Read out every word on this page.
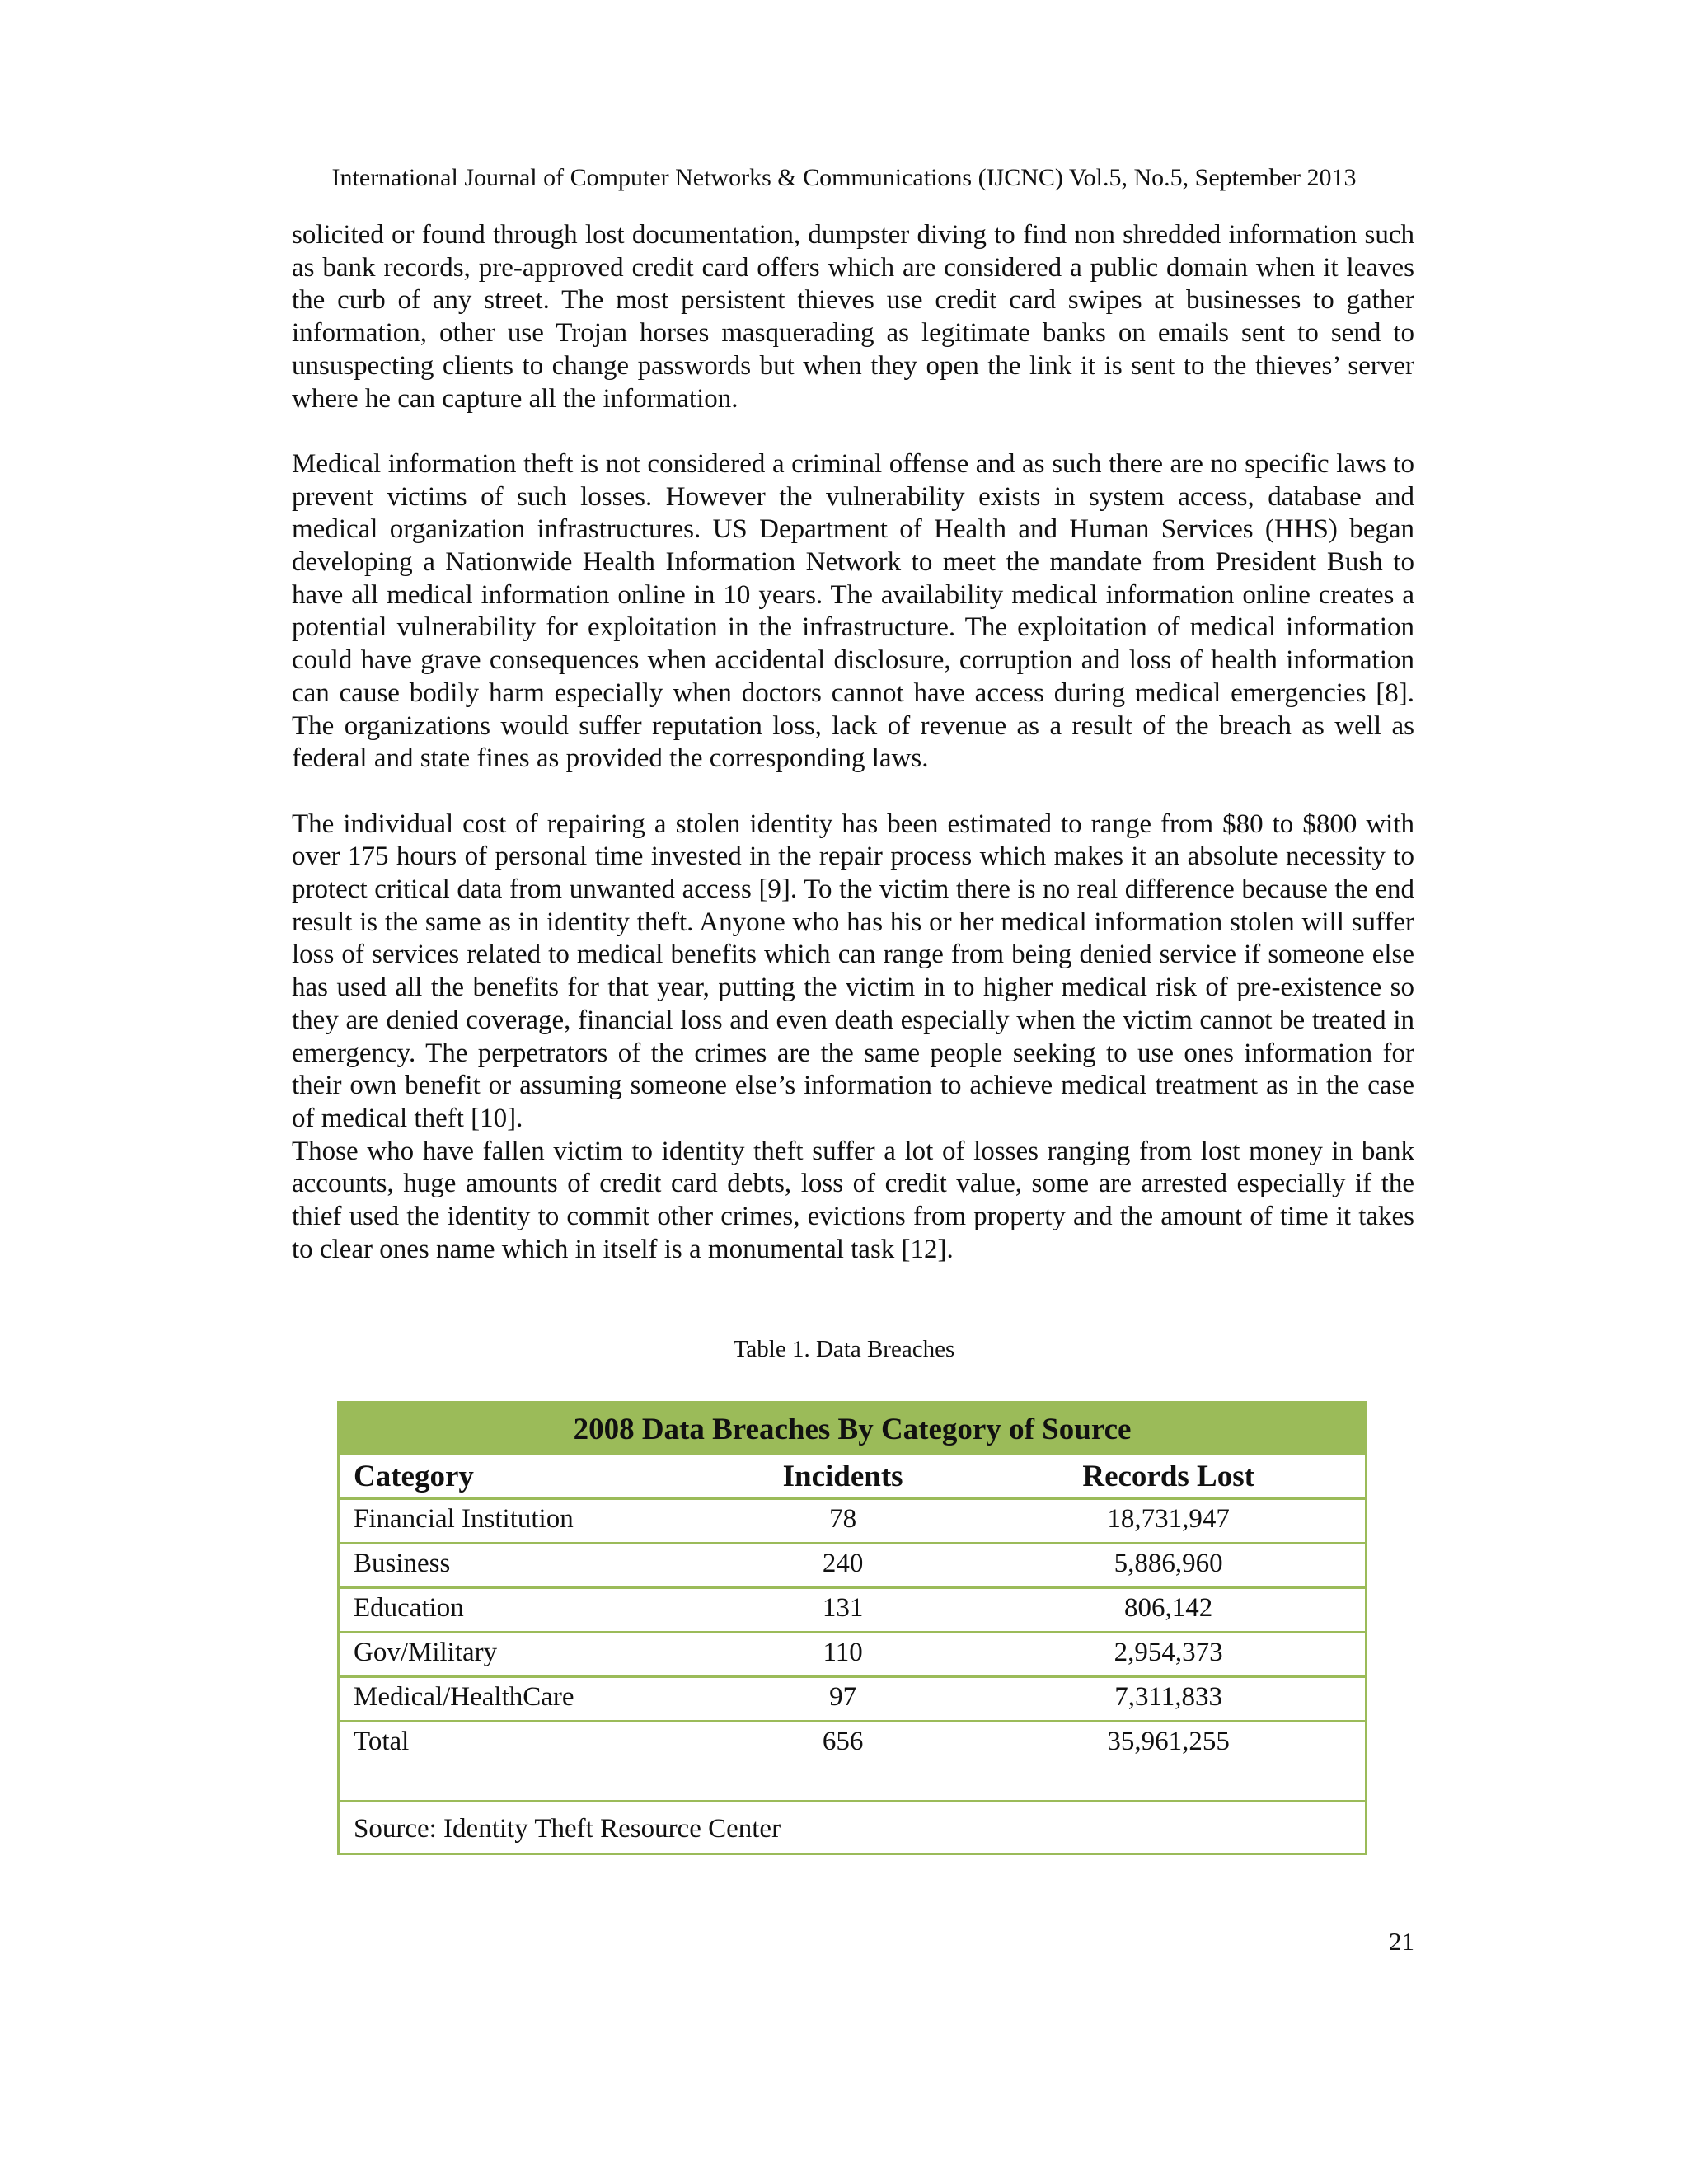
International Journal of Computer Networks & Communications (IJCNC) Vol.5, No.5, September 2013

solicited or found through lost documentation, dumpster diving to find non shredded information such as bank records, pre-approved credit card offers which are considered a public domain when it leaves the curb of any street. The most persistent thieves use credit card swipes at businesses to gather information, other use Trojan horses masquerading as legitimate banks on emails sent to send to unsuspecting clients to change passwords but when they open the link it is sent to the thieves’ server where he can capture all the information.

Medical information theft is not considered a criminal offense and as such there are no specific laws to prevent victims of such losses. However the vulnerability exists in system access, database and medical organization infrastructures. US Department of Health and Human Services (HHS) began developing a Nationwide Health Information Network to meet the mandate from President Bush to have all medical information online in 10 years. The availability medical information online creates a potential vulnerability for exploitation in the infrastructure. The exploitation of medical information could have grave consequences when accidental disclosure, corruption and loss of health information can cause bodily harm especially when doctors cannot have access during medical emergencies [8]. The organizations would suffer reputation loss, lack of revenue as a result of the breach as well as federal and state fines as provided the corresponding laws.

The individual cost of repairing a stolen identity has been estimated to range from $80 to $800 with over 175 hours of personal time invested in the repair process which makes it an absolute necessity to protect critical data from unwanted access [9]. To the victim there is no real difference because the end result is the same as in identity theft. Anyone who has his or her medical information stolen will suffer loss of services related to medical benefits which can range from being denied service if someone else has used all the benefits for that year, putting the victim in to higher medical risk of pre-existence so they are denied coverage, financial loss and even death especially when the victim cannot be treated in emergency. The perpetrators of the crimes are the same people seeking to use ones information for their own benefit or assuming someone else’s information to achieve medical treatment as in the case of medical theft [10].

Those who have fallen victim to identity theft suffer a lot of losses ranging from lost money in bank accounts, huge amounts of credit card debts, loss of credit value, some are arrested especially if the thief used the identity to commit other crimes, evictions from property and the amount of time it takes to clear ones name which in itself is a monumental task [12].

Table 1. Data Breaches
2008 Data Breaches By Category of Source
Category	Incidents	Records Lost
Financial Institution	78	18,731,947
Business	240	5,886,960
Education	131	806,142
Gov/Military	110	2,954,373
Medical/HealthCare	97	7,311,833
Total	656	35,961,255
Source: Identity Theft Resource Center
21
